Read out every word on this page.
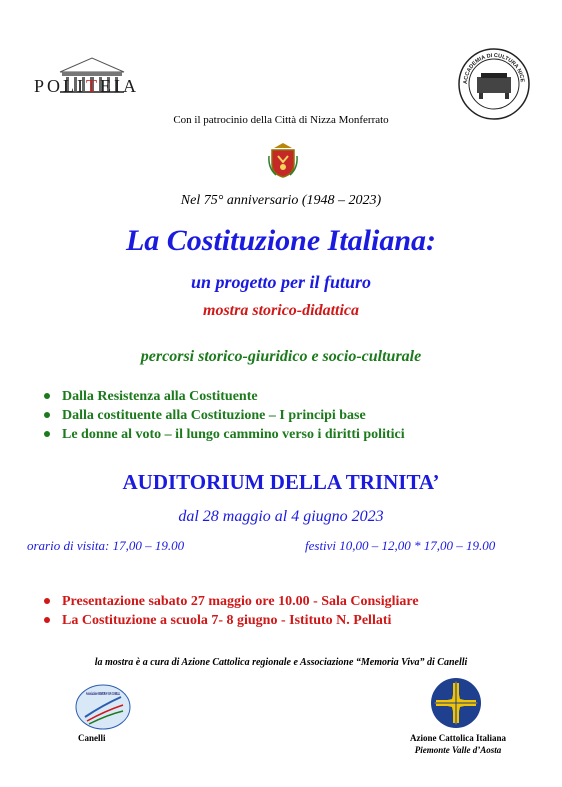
POLITEIA	ACCADEMIA DI CULTURA NICE
Con il patrocinio della Città di Nizza Monferrato
Nel 75° anniversario (1948 – 2023)
La Costituzione Italiana:
un progetto per il futuro
mostra storico-didattica
percorsi storico-giuridico e socio-culturale
Dalla Resistenza alla Costituente
Dalla costituente alla Costituzione – I principi base
Le donne al voto – il lungo cammino verso i diritti politici
AUDITORIUM DELLA TRINITA’
dal 28 maggio al 4 giugno 2023
orario di visita: 17,00 – 19.00	festivi 10,00 – 12,00 * 17,00 – 19.00
Presentazione sabato 27 maggio ore 10.00 - Sala Consigliare
La Costituzione a scuola 7- 8 giugno - Istituto N. Pellati
la mostra è a cura di Azione Cattolica regionale e Associazione “Memoria Viva” di Canelli
Associazione MEMORIA VIVA CANELLI
Canelli	Azione Cattolica Italiana
Piemonte Valle d’Aosta
